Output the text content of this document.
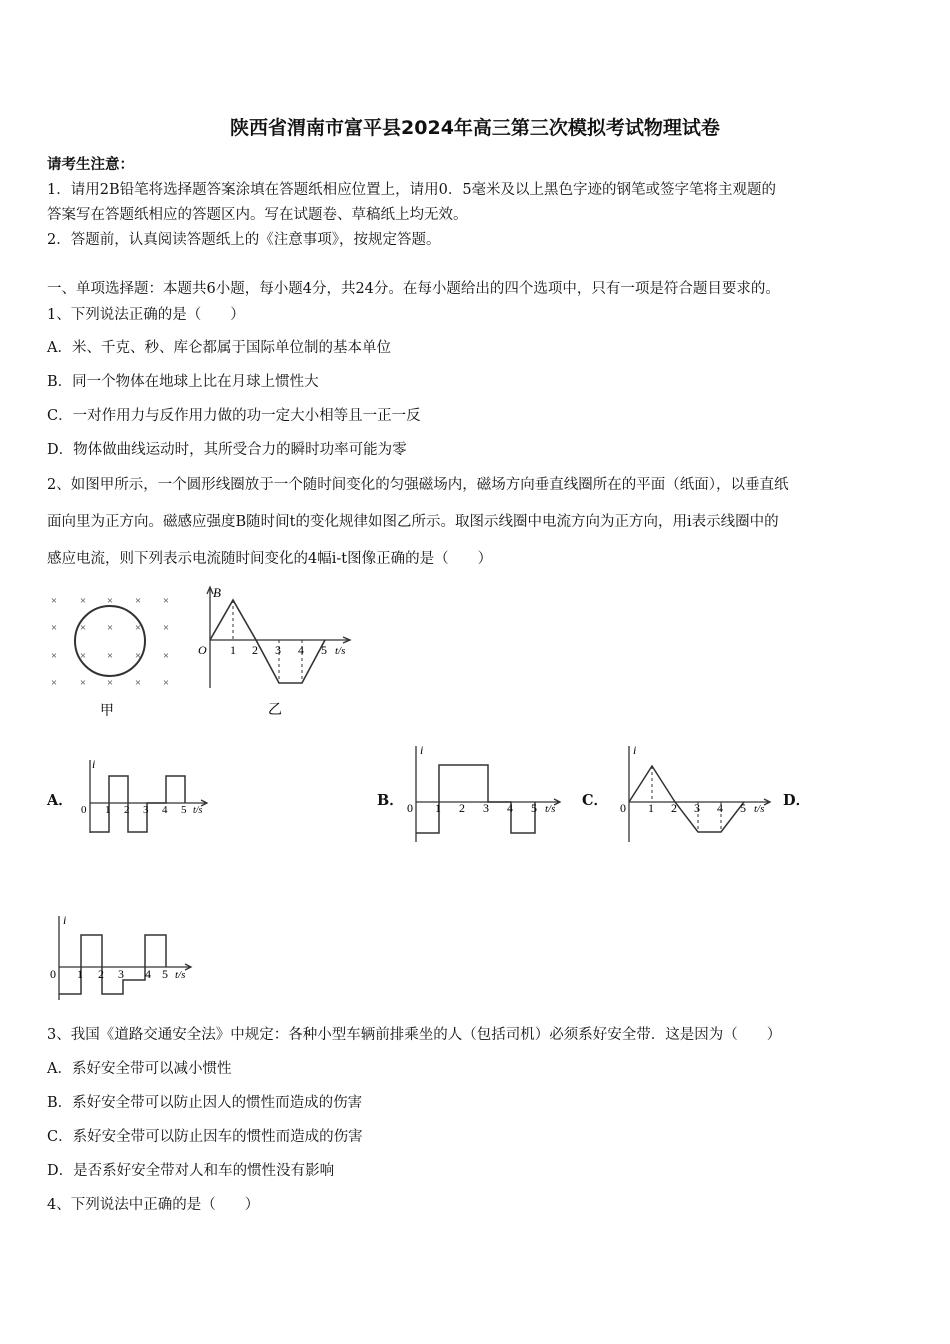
陕西省渭南市富平县2024年高三第三次模拟考试物理试卷
请考生注意：
1．请用2B铅笔将选择题答案涂填在答题纸相应位置上，请用0．5毫米及以上黑色字迹的钢笔或签字笔将主观题的
答案写在答题纸相应的答题区内。写在试题卷、草稿纸上均无效。
2．答题前，认真阅读答题纸上的《注意事项》，按规定答题。
一、单项选择题：本题共6小题，每小题4分，共24分。在每小题给出的四个选项中，只有一项是符合题目要求的。
1、下列说法正确的是（　　）
A．米、千克、秒、库仑都属于国际单位制的基本单位
B．同一个物体在地球上比在月球上惯性大
C．一对作用力与反作用力做的功一定大小相等且一正一反
D．物体做曲线运动时，其所受合力的瞬时功率可能为零
2、如图甲所示，一个圆形线圈放于一个随时间变化的匀强磁场内，磁场方向垂直线圈所在的平面（纸面），以垂直纸
面向里为正方向。磁感应强度B随时间t的变化规律如图乙所示。取图示线圈中电流方向为正方向，用i表示线圈中的
感应电流，则下列表示电流随时间变化的4幅i-t图像正确的是（　　）
× × × × ×
× × × × ×
× × × × ×
× × × × ×
甲
B
O 1 2 3 4 5 t/s
乙
A．
i
0 1 2 3 4 5 t/s
B．
i
0 1 2 3 4 5 t/s C．
i
0 1 2 3 4 5 t/s D．
i
0 1 2 3 4 5 t/s
3、我国《道路交通安全法》中规定：各种小型车辆前排乘坐的人（包括司机）必须系好安全带．这是因为（　　）
A．系好安全带可以减小惯性
B．系好安全带可以防止因人的惯性而造成的伤害
C．系好安全带可以防止因车的惯性而造成的伤害
D．是否系好安全带对人和车的惯性没有影响
4、下列说法中正确的是（　　）
